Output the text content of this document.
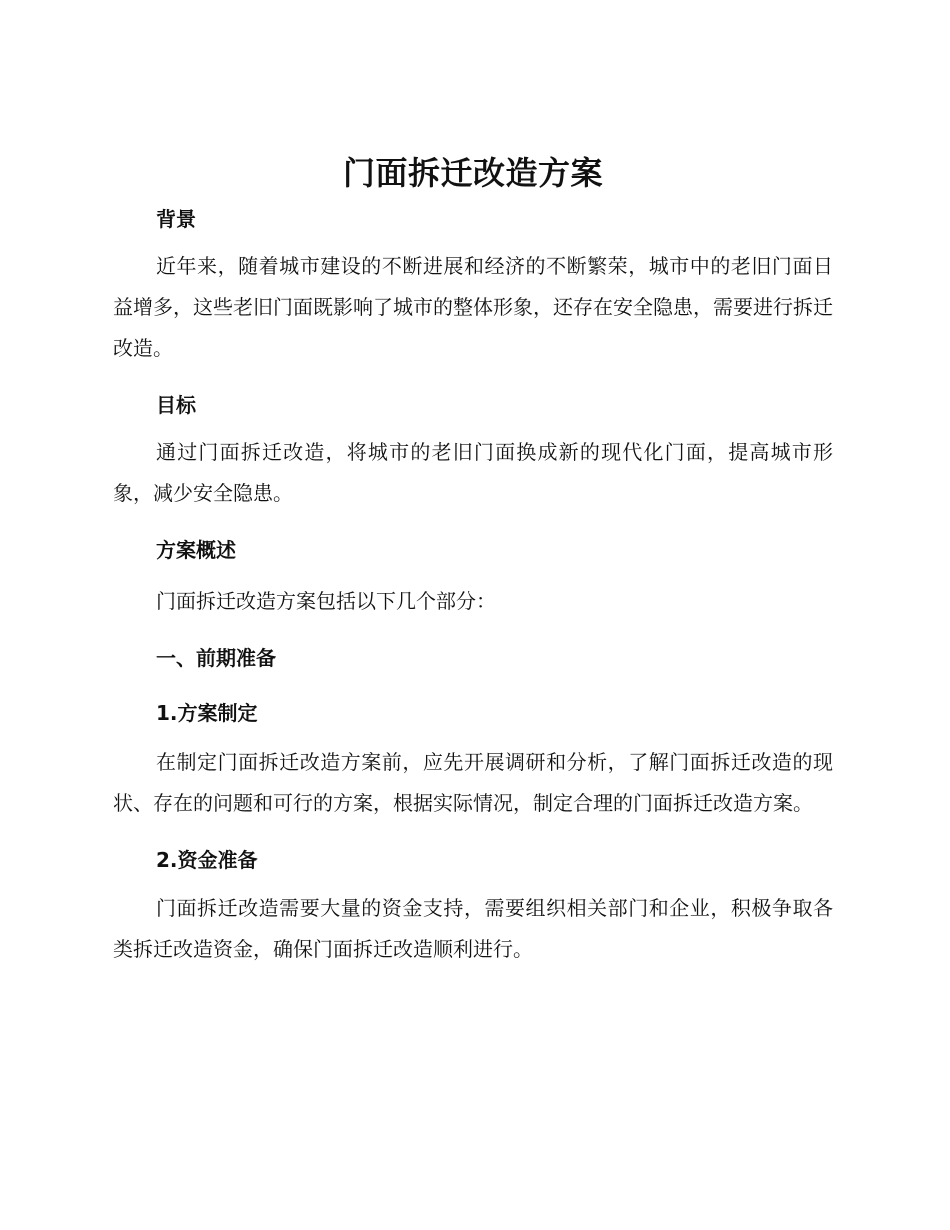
门面拆迁改造方案
背景

近年来，随着城市建设的不断进展和经济的不断繁荣，城市中的老旧门面日益增多，这些老旧门面既影响了城市的整体形象，还存在安全隐患，需要进行拆迁改造。

目标

通过门面拆迁改造，将城市的老旧门面换成新的现代化门面，提高城市形象，减少安全隐患。

方案概述

门面拆迁改造方案包括以下几个部分：

一、前期准备
1.方案制定

在制定门面拆迁改造方案前，应先开展调研和分析，了解门面拆迁改造的现状、存在的问题和可行的方案，根据实际情况，制定合理的门面拆迁改造方案。

2.资金准备

门面拆迁改造需要大量的资金支持，需要组织相关部门和企业，积极争取各类拆迁改造资金，确保门面拆迁改造顺利进行。
